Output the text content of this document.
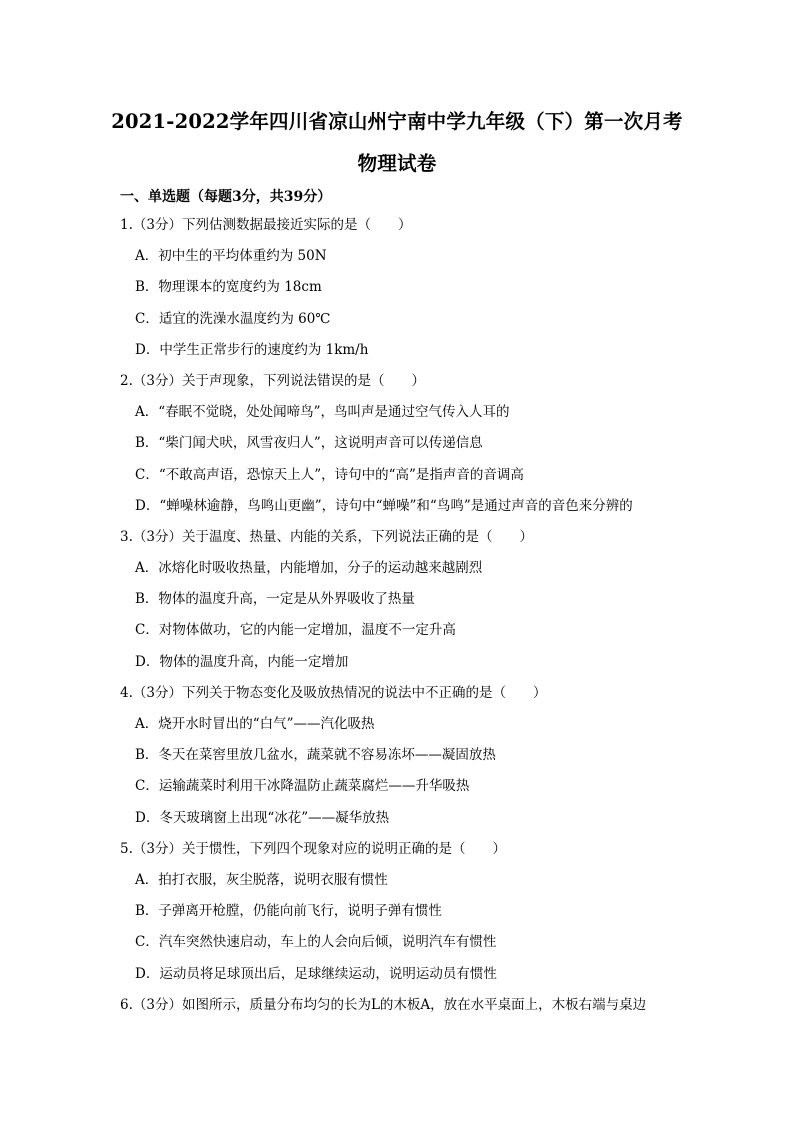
2021-2022学年四川省凉山州宁南中学九年级（下）第一次月考
物理试卷
一、单选题（每题3分，共39分）
1.（3分）下列估测数据最接近实际的是（　　）
A．初中生的平均体重约为 50N
B．物理课本的宽度约为 18cm
C．适宜的洗澡水温度约为 60℃
D．中学生正常步行的速度约为 1km/h
2.（3分）关于声现象，下列说法错误的是（　　）
A．“春眠不觉晓，处处闻啼鸟”，鸟叫声是通过空气传入人耳的
B．“柴门闻犬吠，风雪夜归人”，这说明声音可以传递信息
C．“不敢高声语，恐惊天上人”，诗句中的“高”是指声音的音调高
D．“蝉噪林逾静，鸟鸣山更幽”，诗句中“蝉噪”和“鸟鸣”是通过声音的音色来分辨的
3.（3分）关于温度、热量、内能的关系，下列说法正确的是（　　）
A．冰熔化时吸收热量，内能增加，分子的运动越来越剧烈
B．物体的温度升高，一定是从外界吸收了热量
C．对物体做功，它的内能一定增加，温度不一定升高
D．物体的温度升高，内能一定增加
4.（3分）下列关于物态变化及吸放热情况的说法中不正确的是（　　）
A．烧开水时冒出的“白气”——汽化吸热
B．冬天在菜窖里放几盆水，蔬菜就不容易冻坏——凝固放热
C．运输蔬菜时利用干冰降温防止蔬菜腐烂——升华吸热
D．冬天玻璃窗上出现“冰花”——凝华放热
5.（3分）关于惯性，下列四个现象对应的说明正确的是（　　）
A．拍打衣服，灰尘脱落，说明衣服有惯性
B．子弹离开枪膛，仍能向前飞行，说明子弹有惯性
C．汽车突然快速启动，车上的人会向后倾，说明汽车有惯性
D．运动员将足球顶出后，足球继续运动，说明运动员有惯性
6.（3分）如图所示，质量分布均匀的长为L的木板A，放在水平桌面上，木板右端与桌边
